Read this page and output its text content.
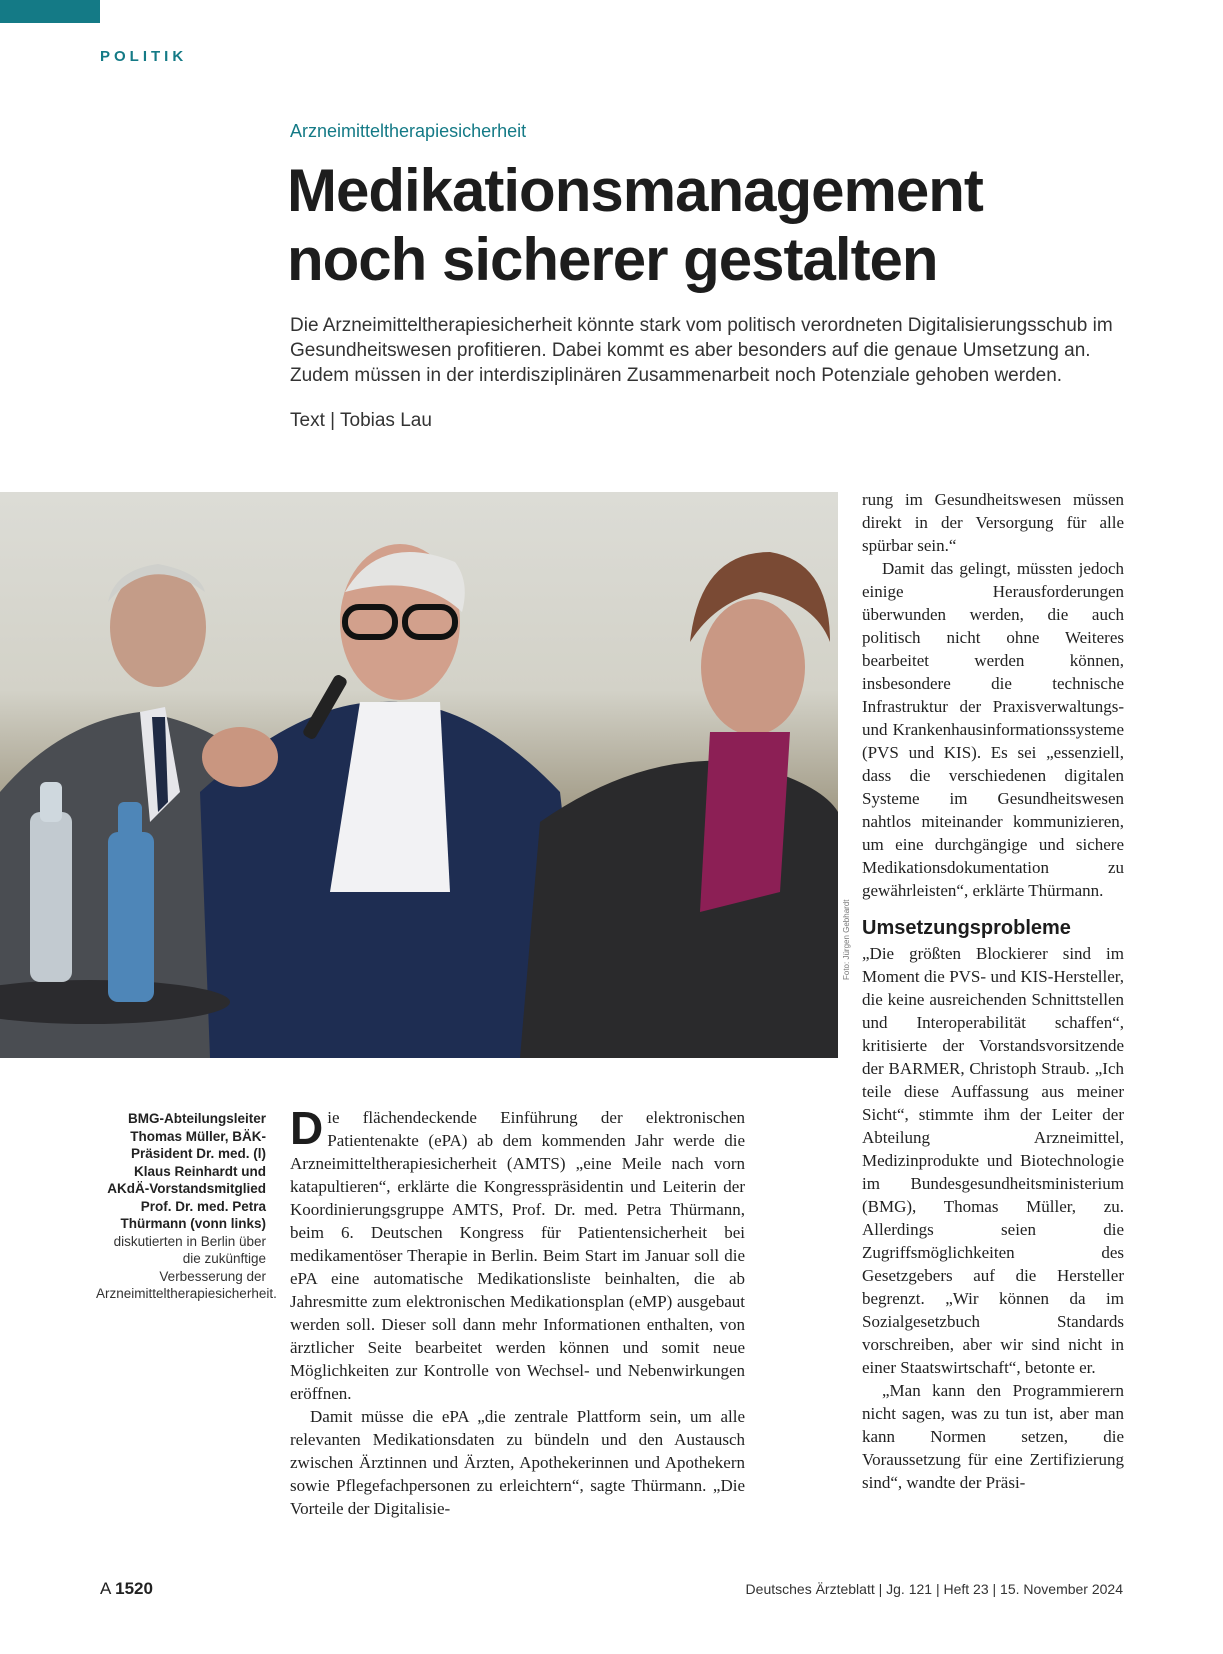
POLITIK
Arzneimitteltherapiesicherheit
Medikationsmanagement
noch sicherer gestalten

Die Arzneimitteltherapiesicherheit könnte stark vom politisch verordneten Digitalisierungsschub im Gesundheitswesen profitieren. Dabei kommt es aber besonders auf die genaue Umsetzung an. Zudem müssen in der interdisziplinären Zusammenarbeit noch Potenziale gehoben werden.

Text | Tobias Lau
Foto: Jürgen Gebhardt
BMG-Abteilungsleiter Thomas Müller, BÄK-Präsident Dr. med. (l) Klaus Reinhardt und AKdÄ-Vorstandsmitglied Prof. Dr. med. Petra Thürmann (vonn links) diskutierten in Berlin über die zukünftige Verbesserung der Arzneimitteltherapiesicherheit.

Die flächendeckende Einführung der elektronischen Patientenakte (ePA) ab dem kommenden Jahr werde die Arzneimitteltherapiesicherheit (AMTS) „eine Meile nach vorn katapultieren“, erklärte die Kongresspräsidentin und Leiterin der Koordinierungsgruppe AMTS, Prof. Dr. med. Petra Thürmann, beim 6. Deutschen Kongress für Patientensicherheit bei medikamentöser Therapie in Berlin. Beim Start im Januar soll die ePA eine automatische Medikationsliste beinhalten, die ab Jahresmitte zum elektronischen Medikationsplan (eMP) ausgebaut werden soll. Dieser soll dann mehr Informationen enthalten, von ärztlicher Seite bearbeitet werden können und somit neue Möglichkeiten zur Kontrolle von Wechsel- und Nebenwirkungen eröffnen.

Damit müsse die ePA „die zentrale Plattform sein, um alle relevanten Medikationsdaten zu bündeln und den Austausch zwischen Ärztinnen und Ärzten, Apothekerinnen und Apothekern sowie Pflegefachpersonen zu erleichtern“, sagte Thürmann. „Die Vorteile der Digitalisie-

rung im Gesundheitswesen müssen direkt in der Versorgung für alle spürbar sein.“

Damit das gelingt, müssten jedoch einige Herausforderungen überwunden werden, die auch politisch nicht ohne Weiteres bearbeitet werden können, insbesondere die technische Infrastruktur der Praxisverwaltungs- und Krankenhausinformationssysteme (PVS und KIS). Es sei „essenziell, dass die verschiedenen digitalen Systeme im Gesundheitswesen nahtlos miteinander kommunizieren, um eine durchgängige und sichere Medikationsdokumentation zu gewährleisten“, erklärte Thürmann.

Umsetzungsprobleme

„Die größten Blockierer sind im Moment die PVS- und KIS-Hersteller, die keine ausreichenden Schnittstellen und Interoperabilität schaffen“, kritisierte der Vorstandsvorsitzende der BARMER, Christoph Straub. „Ich teile diese Auffassung aus meiner Sicht“, stimmte ihm der Leiter der Abteilung Arzneimittel, Medizinprodukte und Biotechnologie im Bundesgesundheitsministerium (BMG), Thomas Müller, zu. Allerdings seien die Zugriffsmöglichkeiten des Gesetzgebers auf die Hersteller begrenzt. „Wir können da im Sozialgesetzbuch Standards vorschreiben, aber wir sind nicht in einer Staatswirtschaft“, betonte er.

„Man kann den Programmierern nicht sagen, was zu tun ist, aber man kann Normen setzen, die Voraussetzung für eine Zertifizierung sind“, wandte der Präsi-

A 1520	Deutsches Ärzteblatt | Jg. 121 | Heft 23 | 15. November 2024
